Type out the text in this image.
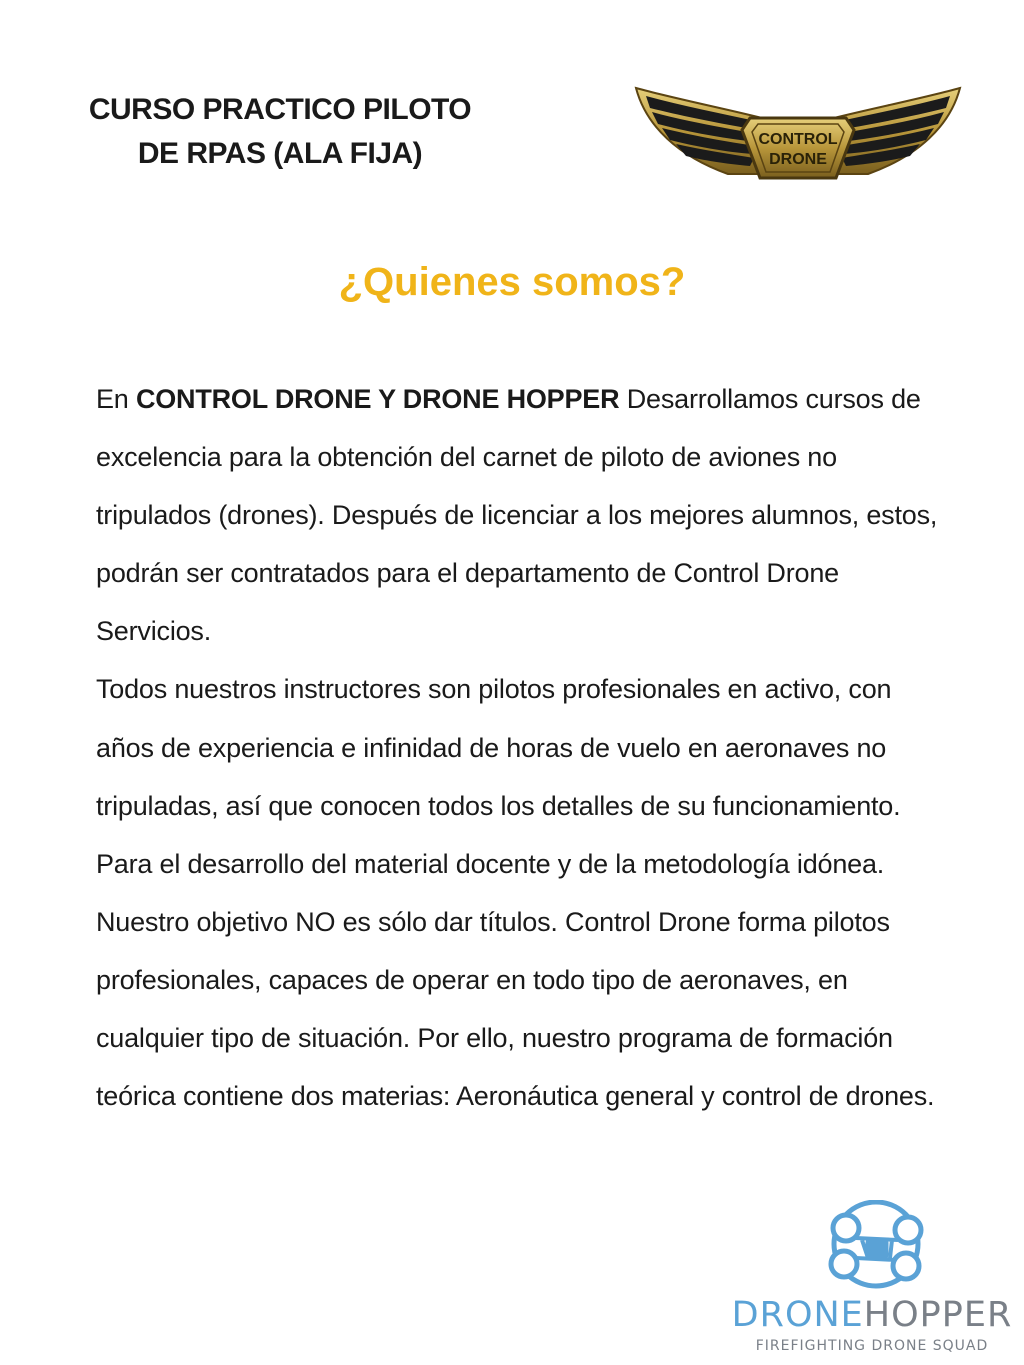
CURSO PRACTICO PILOTO
DE RPAS (ALA FIJA)	CONTROL
DRONE
¿Quienes somos?

En CONTROL DRONE Y DRONE HOPPER Desarrollamos cursos de excelencia para la obtención del carnet de piloto de aviones no tripulados (drones). Después de licenciar a los mejores alumnos, estos, podrán ser contratados para el departamento de Control Drone Servicios.

Todos nuestros instructores son pilotos profesionales en activo, con años de experiencia e infinidad de horas de vuelo en aeronaves no tripuladas, así que conocen todos los detalles de su funcionamiento. Para el desarrollo del material docente y de la metodología idónea.

Nuestro objetivo NO es sólo dar títulos. Control Drone forma pilotos profesionales, capaces de operar en todo tipo de aeronaves, en cualquier tipo de situación. Por ello, nuestro programa de formación teórica contiene dos materias: Aeronáutica general y control de drones.

DRONEHOPPER
FIREFIGHTING DRONE SQUAD
